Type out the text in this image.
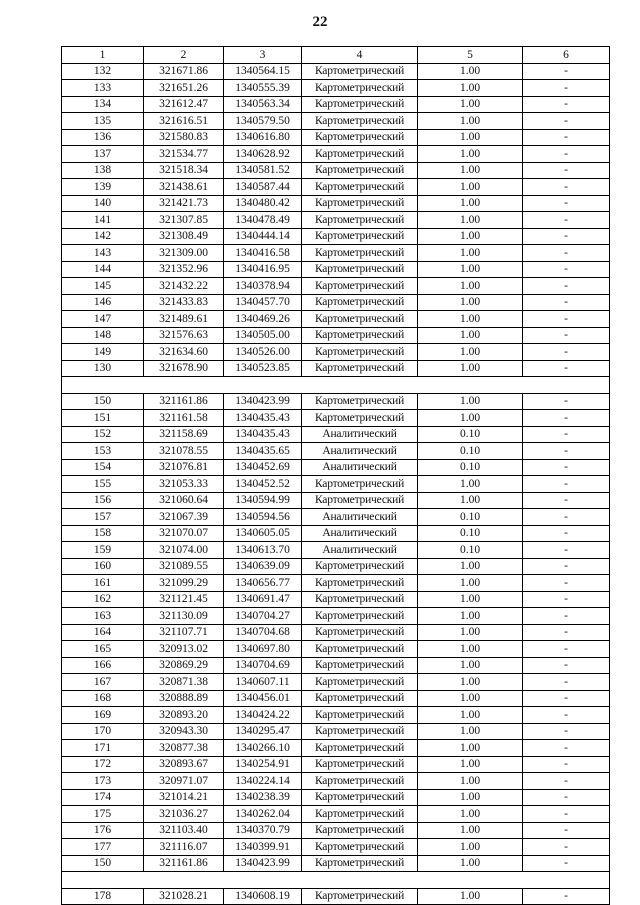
22
1	2	3	4	5	6
132	321671.86	1340564.15	Картометрический	1.00	-
133	321651.26	1340555.39	Картометрический	1.00	-
134	321612.47	1340563.34	Картометрический	1.00	-
135	321616.51	1340579.50	Картометрический	1.00	-
136	321580.83	1340616.80	Картометрический	1.00	-
137	321534.77	1340628.92	Картометрический	1.00	-
138	321518.34	1340581.52	Картометрический	1.00	-
139	321438.61	1340587.44	Картометрический	1.00	-
140	321421.73	1340480.42	Картометрический	1.00	-
141	321307.85	1340478.49	Картометрический	1.00	-
142	321308.49	1340444.14	Картометрический	1.00	-
143	321309.00	1340416.58	Картометрический	1.00	-
144	321352.96	1340416.95	Картометрический	1.00	-
145	321432.22	1340378.94	Картометрический	1.00	-
146	321433.83	1340457.70	Картометрический	1.00	-
147	321489.61	1340469.26	Картометрический	1.00	-
148	321576.63	1340505.00	Картометрический	1.00	-
149	321634.60	1340526.00	Картометрический	1.00	-
130	321678.90	1340523.85	Картометрический	1.00	-

150	321161.86	1340423.99	Картометрический	1.00	-
151	321161.58	1340435.43	Картометрический	1.00	-
152	321158.69	1340435.43	Аналитический	0.10	-
153	321078.55	1340435.65	Аналитический	0.10	-
154	321076.81	1340452.69	Аналитический	0.10	-
155	321053.33	1340452.52	Картометрический	1.00	-
156	321060.64	1340594.99	Картометрический	1.00	-
157	321067.39	1340594.56	Аналитический	0.10	-
158	321070.07	1340605.05	Аналитический	0.10	-
159	321074.00	1340613.70	Аналитический	0.10	-
160	321089.55	1340639.09	Картометрический	1.00	-
161	321099.29	1340656.77	Картометрический	1.00	-
162	321121.45	1340691.47	Картометрический	1.00	-
163	321130.09	1340704.27	Картометрический	1.00	-
164	321107.71	1340704.68	Картометрический	1.00	-
165	320913.02	1340697.80	Картометрический	1.00	-
166	320869.29	1340704.69	Картометрический	1.00	-
167	320871.38	1340607.11	Картометрический	1.00	-
168	320888.89	1340456.01	Картометрический	1.00	-
169	320893.20	1340424.22	Картометрический	1.00	-
170	320943.30	1340295.47	Картометрический	1.00	-
171	320877.38	1340266.10	Картометрический	1.00	-
172	320893.67	1340254.91	Картометрический	1.00	-
173	320971.07	1340224.14	Картометрический	1.00	-
174	321014.21	1340238.39	Картометрический	1.00	-
175	321036.27	1340262.04	Картометрический	1.00	-
176	321103.40	1340370.79	Картометрический	1.00	-
177	321116.07	1340399.91	Картометрический	1.00	-
150	321161.86	1340423.99	Картометрический	1.00	-

178	321028.21	1340608.19	Картометрический	1.00	-
